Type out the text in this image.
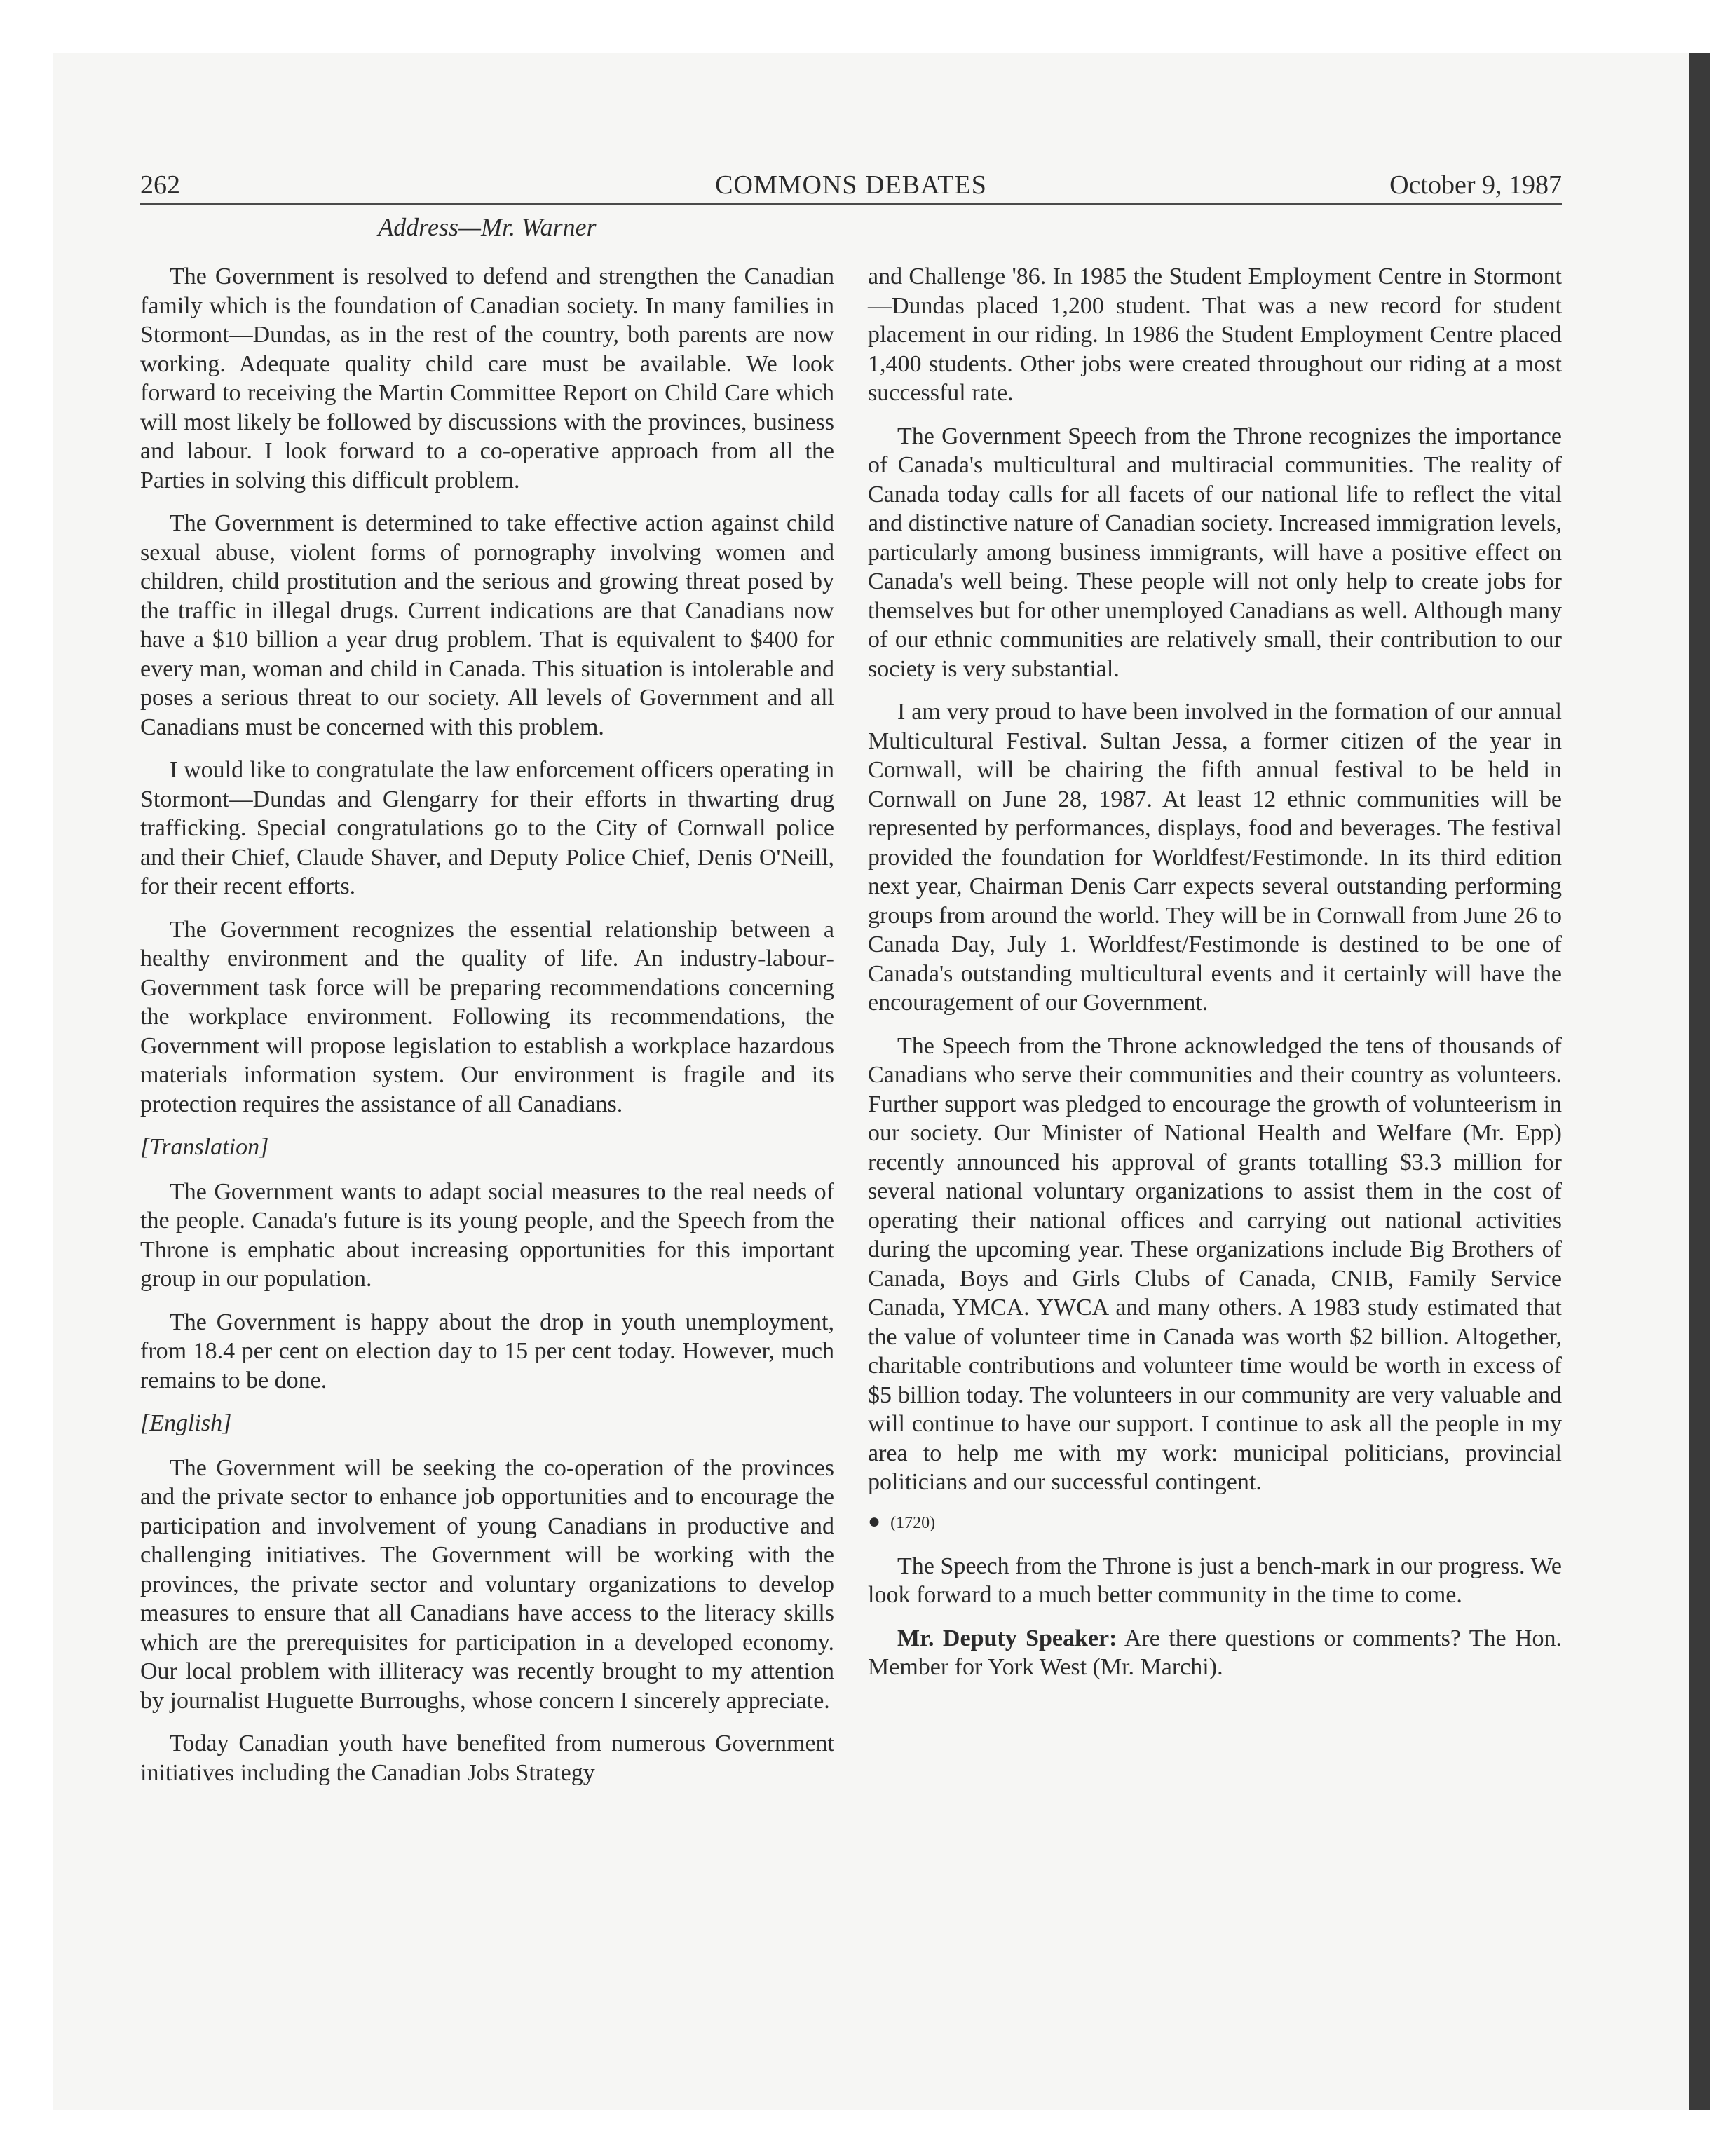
262	COMMONS DEBATES	October 9, 1987
Address—Mr. Warner

The Government is resolved to defend and strengthen the Canadian family which is the foundation of Canadian society. In many families in Stormont—Dundas, as in the rest of the country, both parents are now working. Adequate quality child care must be available. We look forward to receiving the Martin Committee Report on Child Care which will most likely be followed by discussions with the provinces, business and labour. I look forward to a co-operative approach from all the Parties in solving this difficult problem.

The Government is determined to take effective action against child sexual abuse, violent forms of pornography involving women and children, child prostitution and the serious and growing threat posed by the traffic in illegal drugs. Current indications are that Canadians now have a $10 billion a year drug problem. That is equivalent to $400 for every man, woman and child in Canada. This situation is intolerable and poses a serious threat to our society. All levels of Government and all Canadians must be concerned with this problem.

I would like to congratulate the law enforcement officers operating in Stormont—Dundas and Glengarry for their efforts in thwarting drug trafficking. Special congratulations go to the City of Cornwall police and their Chief, Claude Shaver, and Deputy Police Chief, Denis O'Neill, for their recent efforts.

The Government recognizes the essential relationship between a healthy environment and the quality of life. An industry-labour-Government task force will be preparing recommendations concerning the workplace environment. Following its recommendations, the Government will propose legislation to establish a workplace hazardous materials information system. Our environment is fragile and its protection requires the assistance of all Canadians.

[Translation]

The Government wants to adapt social measures to the real needs of the people. Canada's future is its young people, and the Speech from the Throne is emphatic about increasing opportunities for this important group in our population.

The Government is happy about the drop in youth unemployment, from 18.4 per cent on election day to 15 per cent today. However, much remains to be done.

[English]

The Government will be seeking the co-operation of the provinces and the private sector to enhance job opportunities and to encourage the participation and involvement of young Canadians in productive and challenging initiatives. The Government will be working with the provinces, the private sector and voluntary organizations to develop measures to ensure that all Canadians have access to the literacy skills which are the prerequisites for participation in a developed economy. Our local problem with illiteracy was recently brought to my attention by journalist Huguette Burroughs, whose concern I sincerely appreciate.

Today Canadian youth have benefited from numerous Government initiatives including the Canadian Jobs Strategy

and Challenge '86. In 1985 the Student Employment Centre in Stormont—Dundas placed 1,200 student. That was a new record for student placement in our riding. In 1986 the Student Employment Centre placed 1,400 students. Other jobs were created throughout our riding at a most successful rate.

The Government Speech from the Throne recognizes the importance of Canada's multicultural and multiracial communities. The reality of Canada today calls for all facets of our national life to reflect the vital and distinctive nature of Canadian society. Increased immigration levels, particularly among business immigrants, will have a positive effect on Canada's well being. These people will not only help to create jobs for themselves but for other unemployed Canadians as well. Although many of our ethnic communities are relatively small, their contribution to our society is very substantial.

I am very proud to have been involved in the formation of our annual Multicultural Festival. Sultan Jessa, a former citizen of the year in Cornwall, will be chairing the fifth annual festival to be held in Cornwall on June 28, 1987. At least 12 ethnic communities will be represented by performances, displays, food and beverages. The festival provided the foundation for Worldfest/Festimonde. In its third edition next year, Chairman Denis Carr expects several outstanding performing groups from around the world. They will be in Cornwall from June 26 to Canada Day, July 1. Worldfest/Festimonde is destined to be one of Canada's outstanding multicultural events and it certainly will have the encouragement of our Government.

The Speech from the Throne acknowledged the tens of thousands of Canadians who serve their communities and their country as volunteers. Further support was pledged to encourage the growth of volunteerism in our society. Our Minister of National Health and Welfare (Mr. Epp) recently announced his approval of grants totalling $3.3 million for several national voluntary organizations to assist them in the cost of operating their national offices and carrying out national activities during the upcoming year. These organizations include Big Brothers of Canada, Boys and Girls Clubs of Canada, CNIB, Family Service Canada, YMCA. YWCA and many others. A 1983 study estimated that the value of volunteer time in Canada was worth $2 billion. Altogether, charitable contributions and volunteer time would be worth in excess of $5 billion today. The volunteers in our community are very valuable and will continue to have our support. I continue to ask all the people in my area to help me with my work: municipal politicians, provincial politicians and our successful contingent.

● (1720)

The Speech from the Throne is just a bench-mark in our progress. We look forward to a much better community in the time to come.

Mr. Deputy Speaker: Are there questions or comments? The Hon. Member for York West (Mr. Marchi).
